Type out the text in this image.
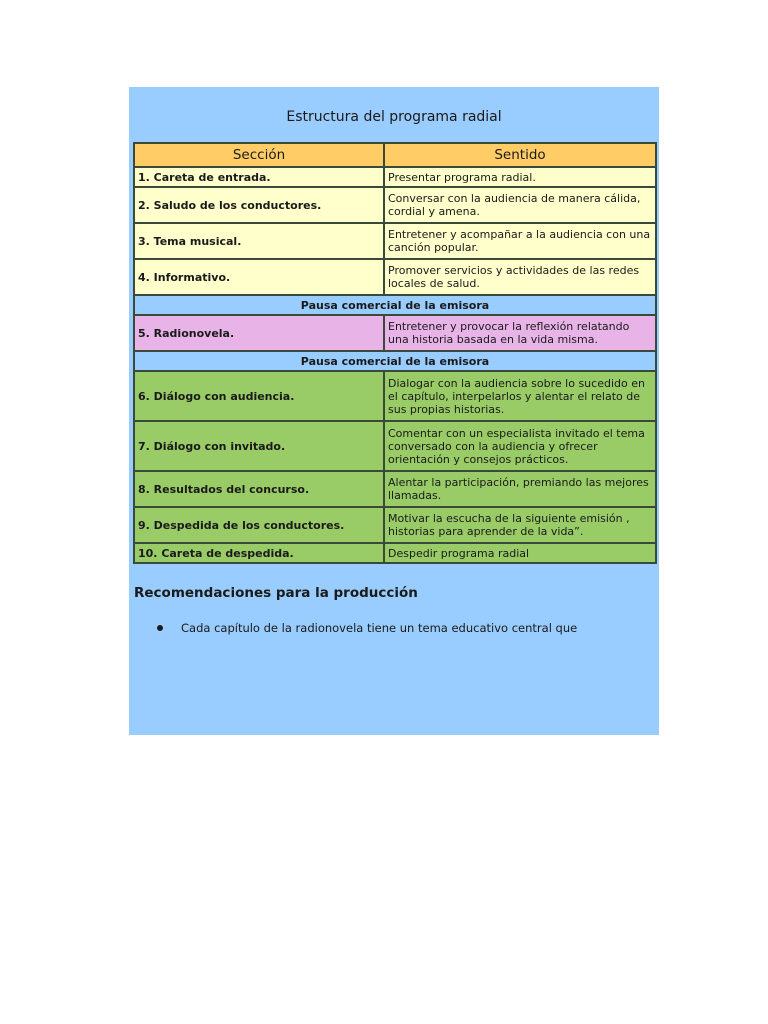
Estructura del programa radial
Sección	Sentido
1. Careta de entrada.	Presentar programa radial.
2. Saludo de los conductores.	Conversar con la audiencia de manera cálida, cordial y amena.
3. Tema musical.	Entretener y acompañar a la audiencia con una canción popular.
4. Informativo.	Promover servicios y actividades de las redes locales de salud.
Pausa comercial de la emisora	
5. Radionovela.	Entretener y provocar la reflexión relatando una historia basada en la vida misma.
Pausa comercial de la emisora	
6. Diálogo con audiencia.	Dialogar con la audiencia sobre lo sucedido en el capítulo, interpelarlos y alentar el relato de sus propias historias.
7. Diálogo con invitado.	Comentar con un especialista invitado el tema conversado con la audiencia y ofrecer orientación y consejos prácticos.
8. Resultados del concurso.	Alentar la participación, premiando las mejores llamadas.
9. Despedida de los conductores.	Motivar la escucha de la siguiente emisión , historias para aprender de la vida”.
10. Careta de despedida.	Despedir programa radial
Recomendaciones para la producción
Cada capítulo de la radionovela tiene un tema educativo central que
